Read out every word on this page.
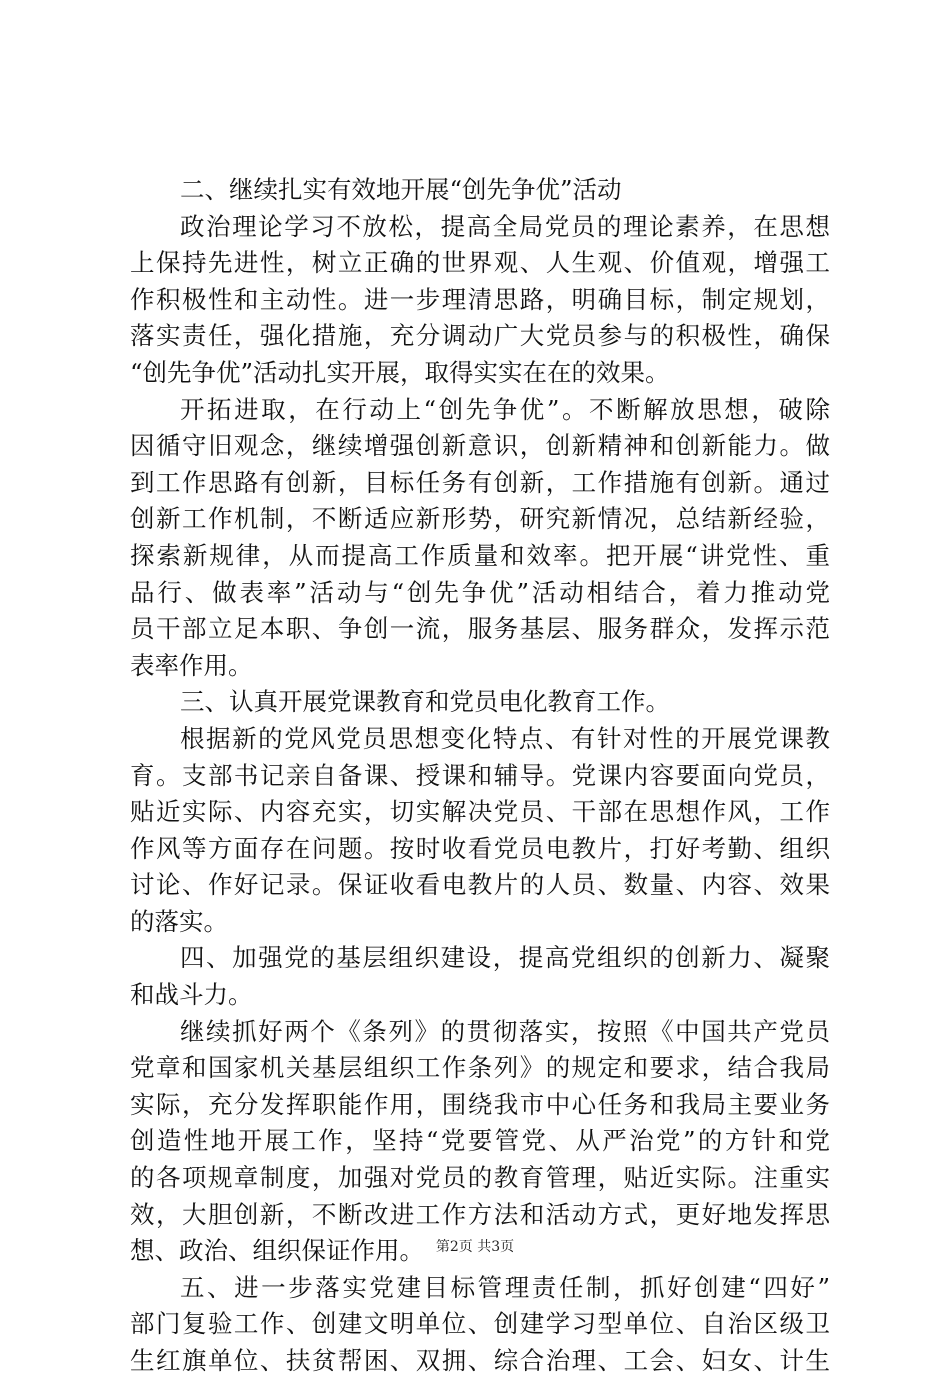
二、继续扎实有效地开展“创先争优”活动
政治理论学习不放松，提高全局党员的理论素养，在思想
上保持先进性，树立正确的世界观、人生观、价值观，增强工
作积极性和主动性。进一步理清思路，明确目标，制定规划，
落实责任，强化措施，充分调动广大党员参与的积极性，确保
“创先争优”活动扎实开展，取得实实在在的效果。
开拓进取，在行动上“创先争优”。不断解放思想，破除
因循守旧观念，继续增强创新意识，创新精神和创新能力。做
到工作思路有创新，目标任务有创新，工作措施有创新。通过
创新工作机制，不断适应新形势，研究新情况，总结新经验，
探索新规律，从而提高工作质量和效率。把开展“讲党性、重
品行、做表率”活动与“创先争优”活动相结合，着力推动党
员干部立足本职、争创一流，服务基层、服务群众，发挥示范
表率作用。
三、认真开展党课教育和党员电化教育工作。
根据新的党风党员思想变化特点、有针对性的开展党课教
育。支部书记亲自备课、授课和辅导。党课内容要面向党员，
贴近实际、内容充实，切实解决党员、干部在思想作风，工作
作风等方面存在问题。按时收看党员电教片，打好考勤、组织
讨论、作好记录。保证收看电教片的人员、数量、内容、效果
的落实。
四、加强党的基层组织建设，提高党组织的创新力、凝聚
和战斗力。
继续抓好两个《条列》的贯彻落实，按照《中国共产党员
党章和国家机关基层组织工作条列》的规定和要求，结合我局
实际，充分发挥职能作用，围绕我市中心任务和我局主要业务
创造性地开展工作，坚持“党要管党、从严治党”的方针和党
的各项规章制度，加强对党员的教育管理，贴近实际。注重实
效，大胆创新，不断改进工作方法和活动方式，更好地发挥思
想、政治、组织保证作用。
五、进一步落实党建目标管理责任制，抓好创建“四好”
部门复验工作、创建文明单位、创建学习型单位、自治区级卫
生红旗单位、扶贫帮困、双拥、综合治理、工会、妇女、计生
第2页 共3页
